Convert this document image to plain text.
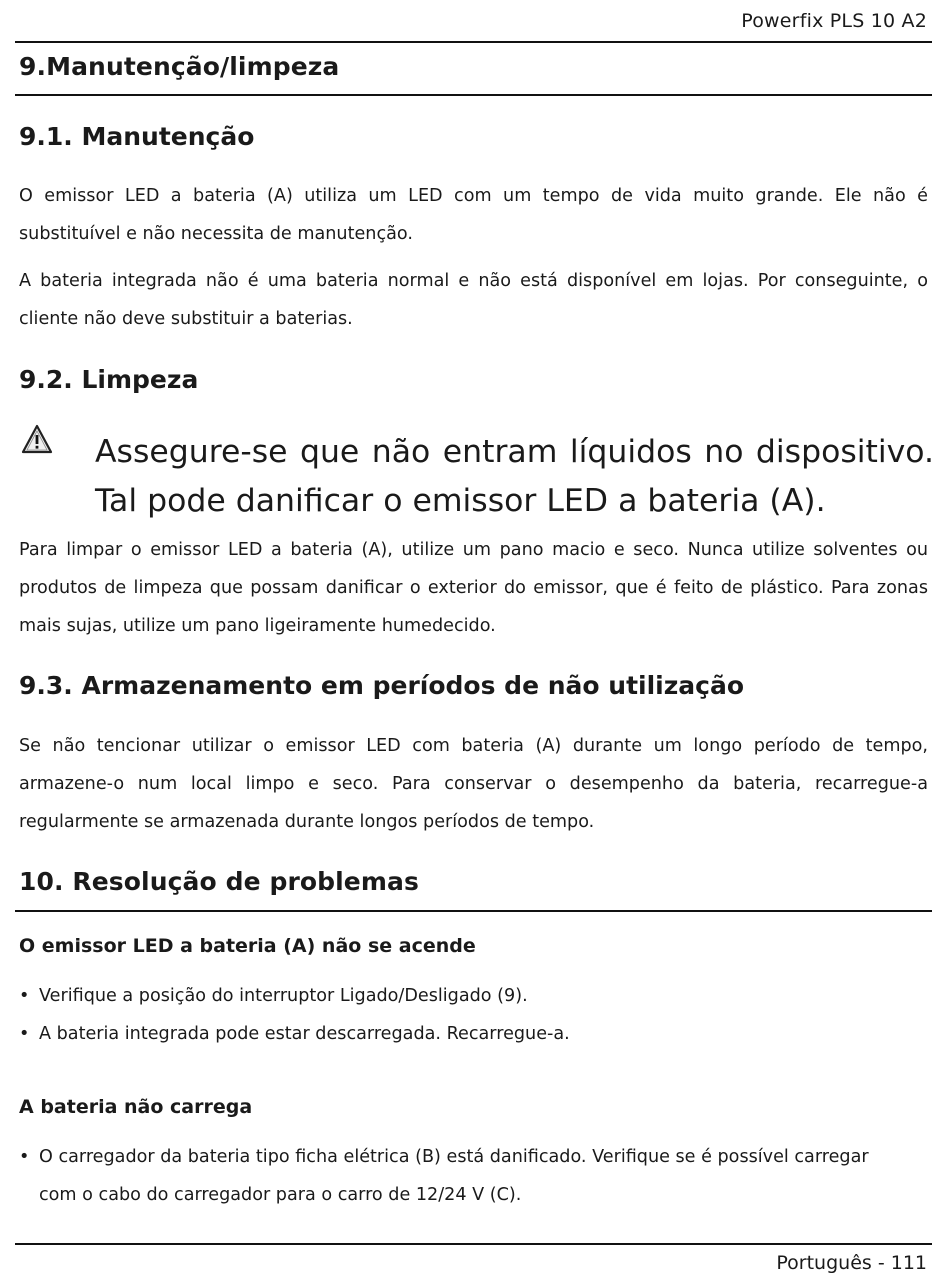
Powerfix PLS 10 A2
9.Manutenção/limpeza
9.1. Manutenção
O emissor LED a bateria (A) utiliza um LED com um tempo de vida muito grande. Ele não é substituível e não necessita de manutenção.
A bateria integrada não é uma bateria normal e não está disponível em lojas. Por conseguinte, o cliente não deve substituir a baterias.
9.2. Limpeza
Assegure-se que não entram líquidos no dispositivo. Tal pode danificar o emissor LED a bateria (A).
Para limpar o emissor LED a bateria (A), utilize um pano macio e seco. Nunca utilize solventes ou produtos de limpeza que possam danificar o exterior do emissor, que é feito de plástico. Para zonas mais sujas, utilize um pano ligeiramente humedecido.
9.3. Armazenamento em períodos de não utilização
Se não tencionar utilizar o emissor LED com bateria (A) durante um longo período de tempo, armazene-o num local limpo e seco. Para conservar o desempenho da bateria, recarregue-a regularmente se armazenada durante longos períodos de tempo.
10. Resolução de problemas
O emissor LED a bateria (A) não se acende
• Verifique a posição do interruptor Ligado/Desligado (9).
• A bateria integrada pode estar descarregada. Recarregue-a.
A bateria não carrega
• O carregador da bateria tipo ficha elétrica (B) está danificado. Verifique se é possível carregar com o cabo do carregador para o carro de 12/24 V (C).
Português - 111
